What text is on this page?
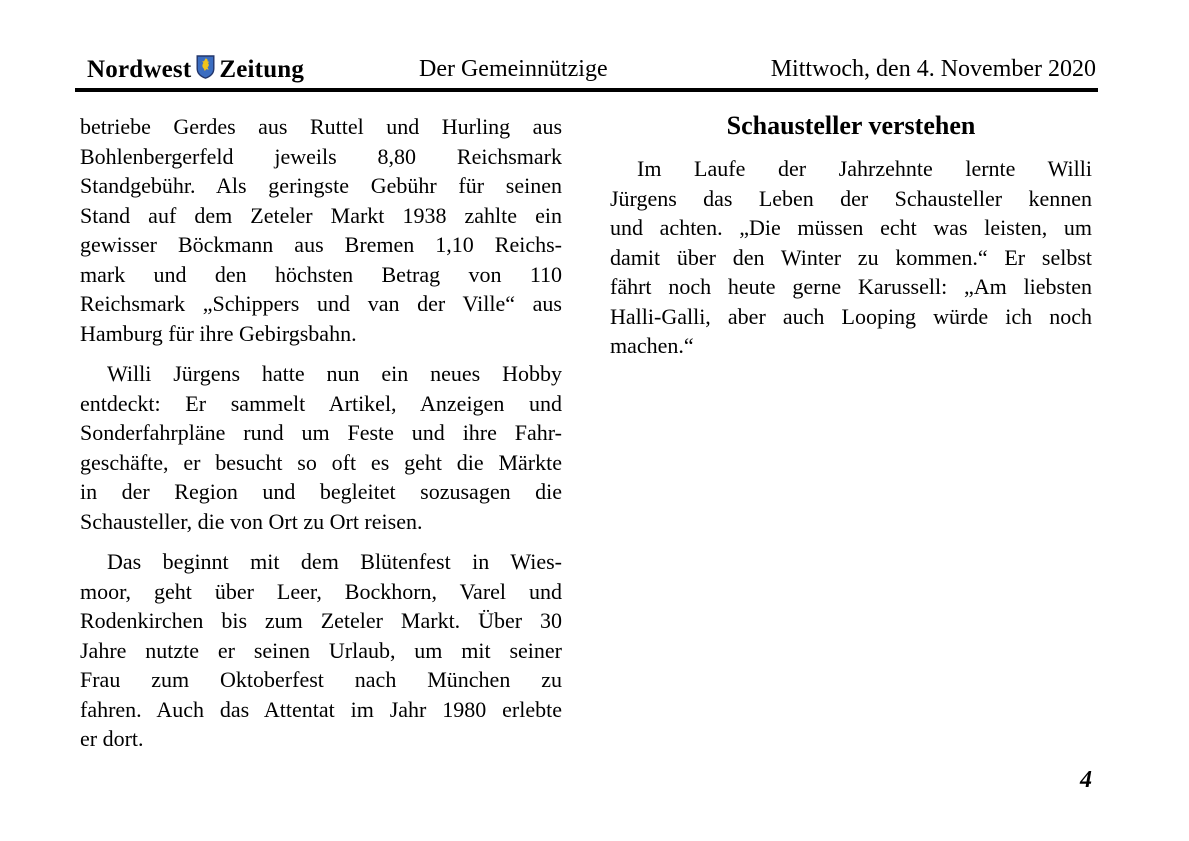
Nordwest Zeitung	Der Gemeinnützige	Mittwoch, den 4. November 2020
betriebe Gerdes aus Ruttel und Hurling aus
Bohlenbergerfeld jeweils 8,80 Reichsmark
Standgebühr. Als geringste Gebühr für seinen
Stand auf dem Zeteler Markt 1938 zahlte ein
gewisser Böckmann aus Bremen 1,10 Reichs-
mark und den höchsten Betrag von 110
Reichsmark „Schippers und van der Ville“ aus
Hamburg für ihre Gebirgsbahn.
Willi Jürgens hatte nun ein neues Hobby
entdeckt: Er sammelt Artikel, Anzeigen und
Sonderfahrpläne rund um Feste und ihre Fahr-
geschäfte, er besucht so oft es geht die Märkte
in der Region und begleitet sozusagen die
Schausteller, die von Ort zu Ort reisen.
Das beginnt mit dem Blütenfest in Wies-
moor, geht über Leer, Bockhorn, Varel und
Rodenkirchen bis zum Zeteler Markt. Über 30
Jahre nutzte er seinen Urlaub, um mit seiner
Frau zum Oktoberfest nach München zu
fahren. Auch das Attentat im Jahr 1980 erlebte
er dort.
Schausteller verstehen
Im Laufe der Jahrzehnte lernte Willi
Jürgens das Leben der Schausteller kennen
und achten. „Die müssen echt was leisten, um
damit über den Winter zu kommen.“ Er selbst
fährt noch heute gerne Karussell: „Am liebsten
Halli-Galli, aber auch Looping würde ich noch
machen.“
4
